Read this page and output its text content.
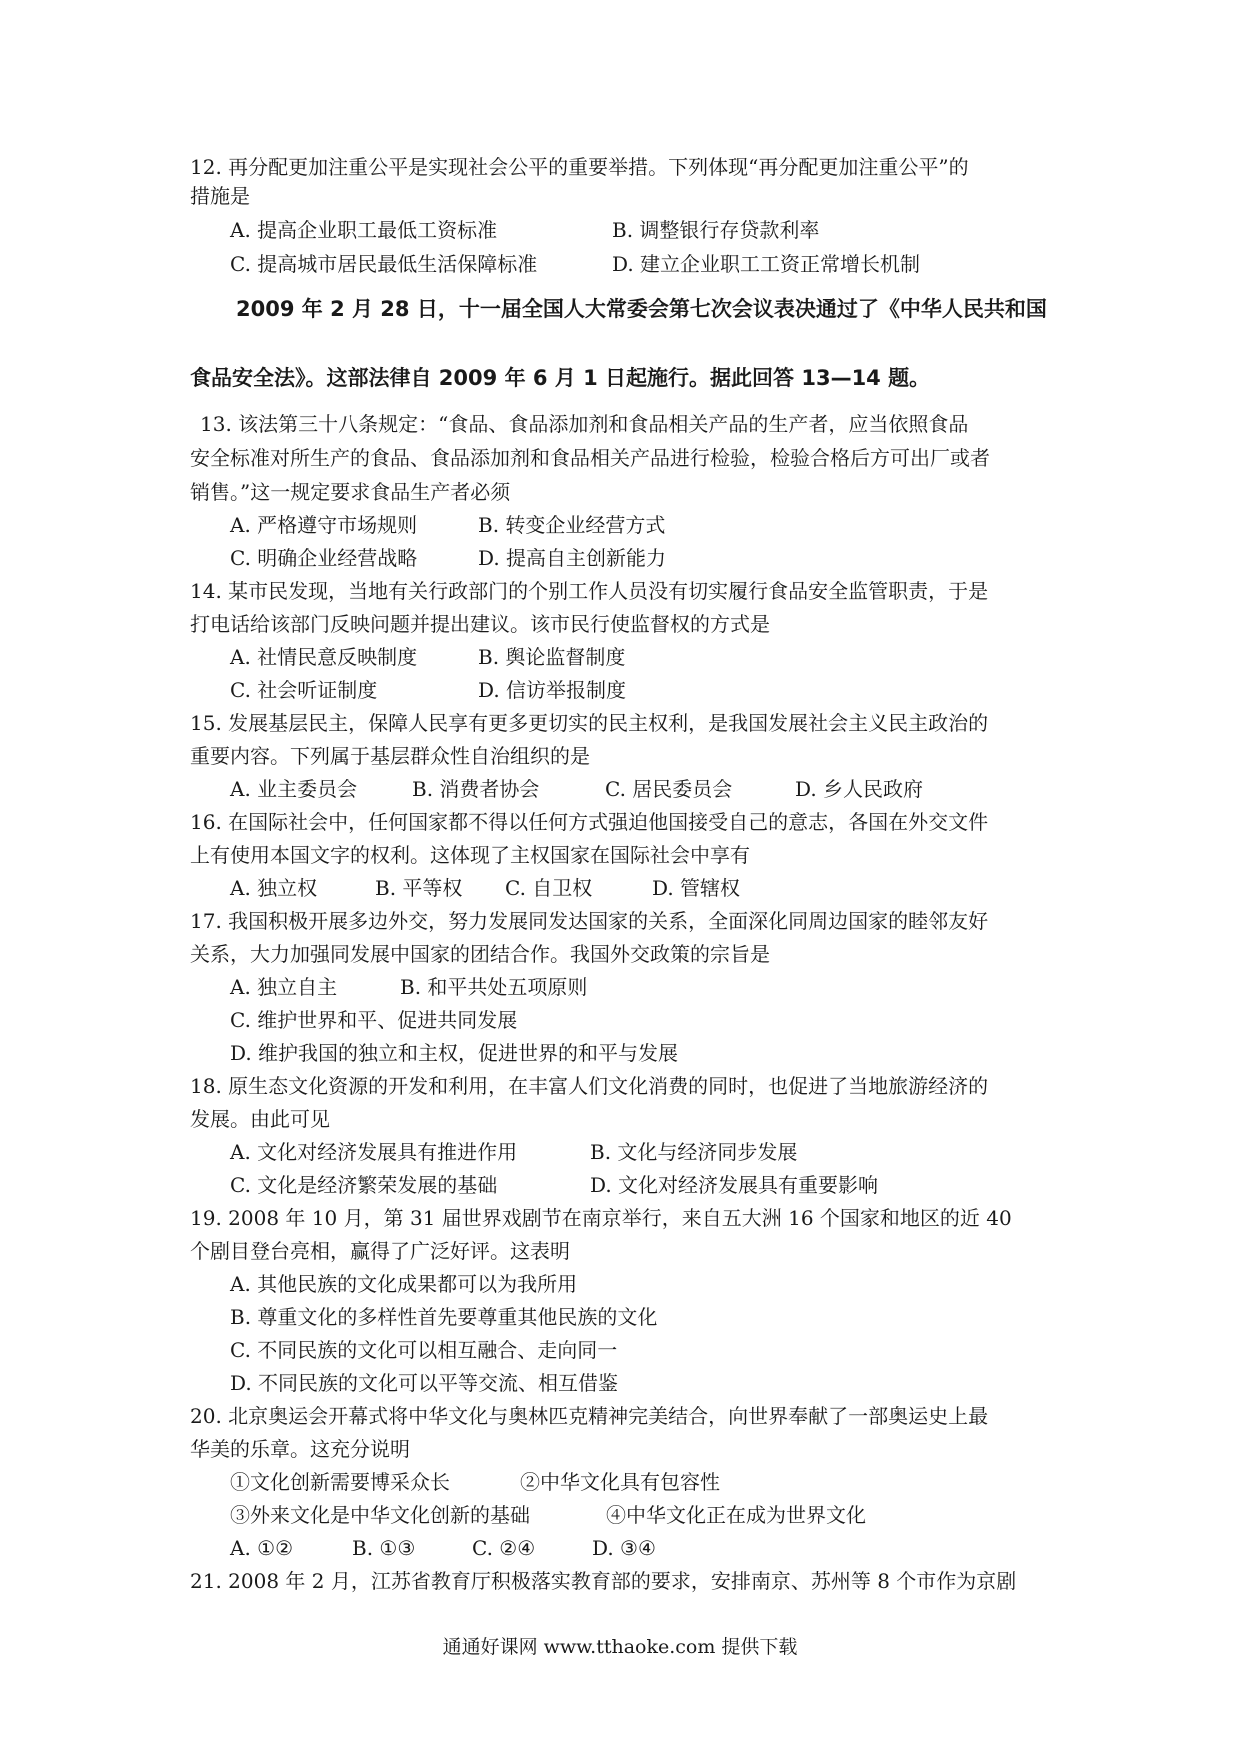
12. 再分配更加注重公平是实现社会公平的重要举措。下列体现“再分配更加注重公平”的
措施是
A. 提高企业职工最低工资标准	B. 调整银行存贷款利率
C. 提高城市居民最低生活保障标准	D. 建立企业职工工资正常增长机制
2009 年 2 月 28 日，十一届全国人大常委会第七次会议表决通过了《中华人民共和国
食品安全法》。这部法律自 2009 年 6 月 1 日起施行。据此回答 13—14 题。
13. 该法第三十八条规定：“食品、食品添加剂和食品相关产品的生产者，应当依照食品
安全标准对所生产的食品、食品添加剂和食品相关产品进行检验，检验合格后方可出厂或者
销售。”这一规定要求食品生产者必须
A. 严格遵守市场规则	B. 转变企业经营方式
C. 明确企业经营战略	D. 提高自主创新能力
14. 某市民发现，当地有关行政部门的个别工作人员没有切实履行食品安全监管职责，于是
打电话给该部门反映问题并提出建议。该市民行使监督权的方式是
A. 社情民意反映制度	B. 舆论监督制度
C. 社会听证制度	D. 信访举报制度
15. 发展基层民主，保障人民享有更多更切实的民主权利，是我国发展社会主义民主政治的
重要内容。下列属于基层群众性自治组织的是
A. 业主委员会	B. 消费者协会	C. 居民委员会	D. 乡人民政府
16. 在国际社会中，任何国家都不得以任何方式强迫他国接受自己的意志，各国在外交文件
上有使用本国文字的权利。这体现了主权国家在国际社会中享有
A. 独立权	B. 平等权 C. 自卫权	D. 管辖权
17. 我国积极开展多边外交，努力发展同发达国家的关系，全面深化同周边国家的睦邻友好
关系，大力加强同发展中国家的团结合作。我国外交政策的宗旨是
A. 独立自主	B. 和平共处五项原则
C. 维护世界和平、促进共同发展
D. 维护我国的独立和主权，促进世界的和平与发展
18. 原生态文化资源的开发和利用，在丰富人们文化消费的同时，也促进了当地旅游经济的
发展。由此可见
A. 文化对经济发展具有推进作用	B. 文化与经济同步发展
C. 文化是经济繁荣发展的基础	D. 文化对经济发展具有重要影响
19. 2008 年 10 月，第 31 届世界戏剧节在南京举行，来自五大洲 16 个国家和地区的近 40
个剧目登台亮相，赢得了广泛好评。这表明
A. 其他民族的文化成果都可以为我所用
B. 尊重文化的多样性首先要尊重其他民族的文化
C. 不同民族的文化可以相互融合、走向同一
D. 不同民族的文化可以平等交流、相互借鉴
20. 北京奥运会开幕式将中华文化与奥林匹克精神完美结合，向世界奉献了一部奥运史上最
华美的乐章。这充分说明
①文化创新需要博采众长	②中华文化具有包容性
③外来文化是中华文化创新的基础	④中华文化正在成为世界文化
A. ①②	B. ①③	C. ②④	D. ③④
21. 2008 年 2 月，江苏省教育厅积极落实教育部的要求，安排南京、苏州等 8 个市作为京剧
通通好课网 www.tthaoke.com 提供下载
